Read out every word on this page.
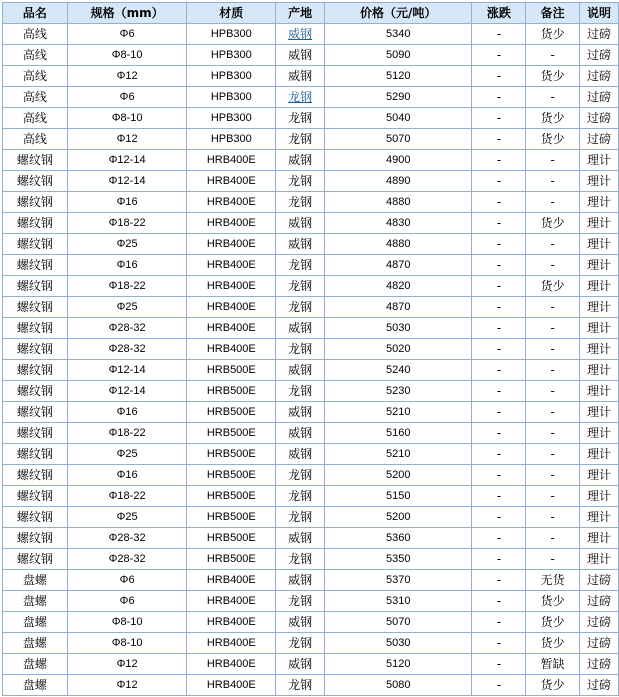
品名	规格（mm）	材质	产地	价格（元/吨）	涨跌	备注	说明
高线	Φ6	HPB300	威钢	5340	-	货少	过磅
高线	Φ8-10	HPB300	威钢	5090	-	-	过磅
高线	Φ12	HPB300	威钢	5120	-	货少	过磅
高线	Φ6	HPB300	龙钢	5290	-	-	过磅
高线	Φ8-10	HPB300	龙钢	5040	-	货少	过磅
高线	Φ12	HPB300	龙钢	5070	-	货少	过磅
螺纹钢	Φ12-14	HRB400E	威钢	4900	-	-	理计
螺纹钢	Φ12-14	HRB400E	龙钢	4890	-	-	理计
螺纹钢	Φ16	HRB400E	龙钢	4880	-	-	理计
螺纹钢	Φ18-22	HRB400E	威钢	4830	-	货少	理计
螺纹钢	Φ25	HRB400E	威钢	4880	-	-	理计
螺纹钢	Φ16	HRB400E	龙钢	4870	-	-	理计
螺纹钢	Φ18-22	HRB400E	龙钢	4820	-	货少	理计
螺纹钢	Φ25	HRB400E	龙钢	4870	-	-	理计
螺纹钢	Φ28-32	HRB400E	威钢	5030	-	-	理计
螺纹钢	Φ28-32	HRB400E	龙钢	5020	-	-	理计
螺纹钢	Φ12-14	HRB500E	威钢	5240	-	-	理计
螺纹钢	Φ12-14	HRB500E	龙钢	5230	-	-	理计
螺纹钢	Φ16	HRB500E	威钢	5210	-	-	理计
螺纹钢	Φ18-22	HRB500E	威钢	5160	-	-	理计
螺纹钢	Φ25	HRB500E	威钢	5210	-	-	理计
螺纹钢	Φ16	HRB500E	龙钢	5200	-	-	理计
螺纹钢	Φ18-22	HRB500E	龙钢	5150	-	-	理计
螺纹钢	Φ25	HRB500E	龙钢	5200	-	-	理计
螺纹钢	Φ28-32	HRB500E	威钢	5360	-	-	理计
螺纹钢	Φ28-32	HRB500E	龙钢	5350	-	-	理计
盘螺	Φ6	HRB400E	威钢	5370	-	无货	过磅
盘螺	Φ6	HRB400E	龙钢	5310	-	货少	过磅
盘螺	Φ8-10	HRB400E	威钢	5070	-	货少	过磅
盘螺	Φ8-10	HRB400E	龙钢	5030	-	货少	过磅
盘螺	Φ12	HRB400E	威钢	5120	-	暂缺	过磅
盘螺	Φ12	HRB400E	龙钢	5080	-	货少	过磅
